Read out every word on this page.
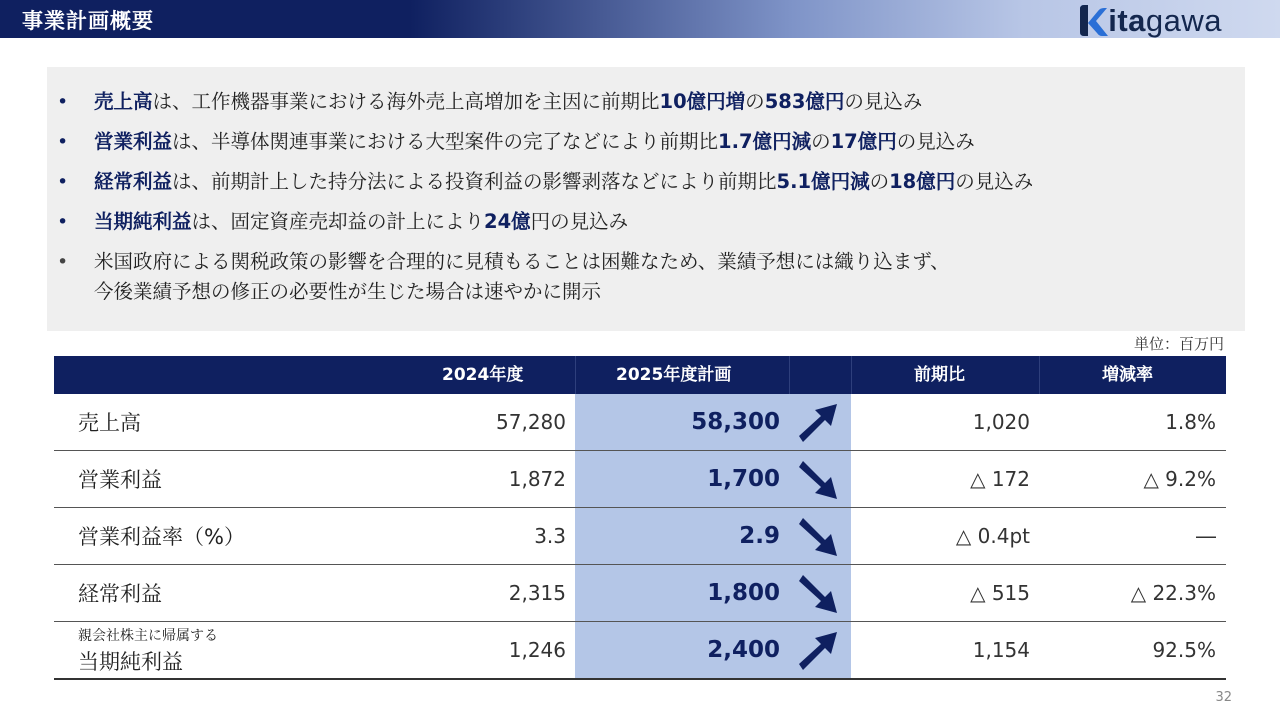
事業計画概要	itagawa
• 売上高は、工作機器事業における海外売上高増加を主因に前期比10億円増の583億円の見込み
• 営業利益は、半導体関連事業における大型案件の完了などにより前期比1.7億円減の17億円の見込み
• 経常利益は、前期計上した持分法による投資利益の影響剥落などにより前期比5.1億円減の18億円の見込み
• 当期純利益は、固定資産売却益の計上により24億円の見込み
• 米国政府による関税政策の影響を合理的に見積もることは困難なため、業績予想には織り込まず、
今後業績予想の修正の必要性が生じた場合は速やかに開示
単位：百万円
2024年度	2025年度計画	前期比	増減率
売上高	57,280	58,300	1,020	1.8%
営業利益	1,872	1,700	△ 172	△ 9.2%
営業利益率（%）	3.3	2.9	△ 0.4pt	―
経常利益	2,315	1,800	△ 515	△ 22.3%
親会社株主に帰属する
当期純利益	1,246	2,400	1,154	92.5%
32
